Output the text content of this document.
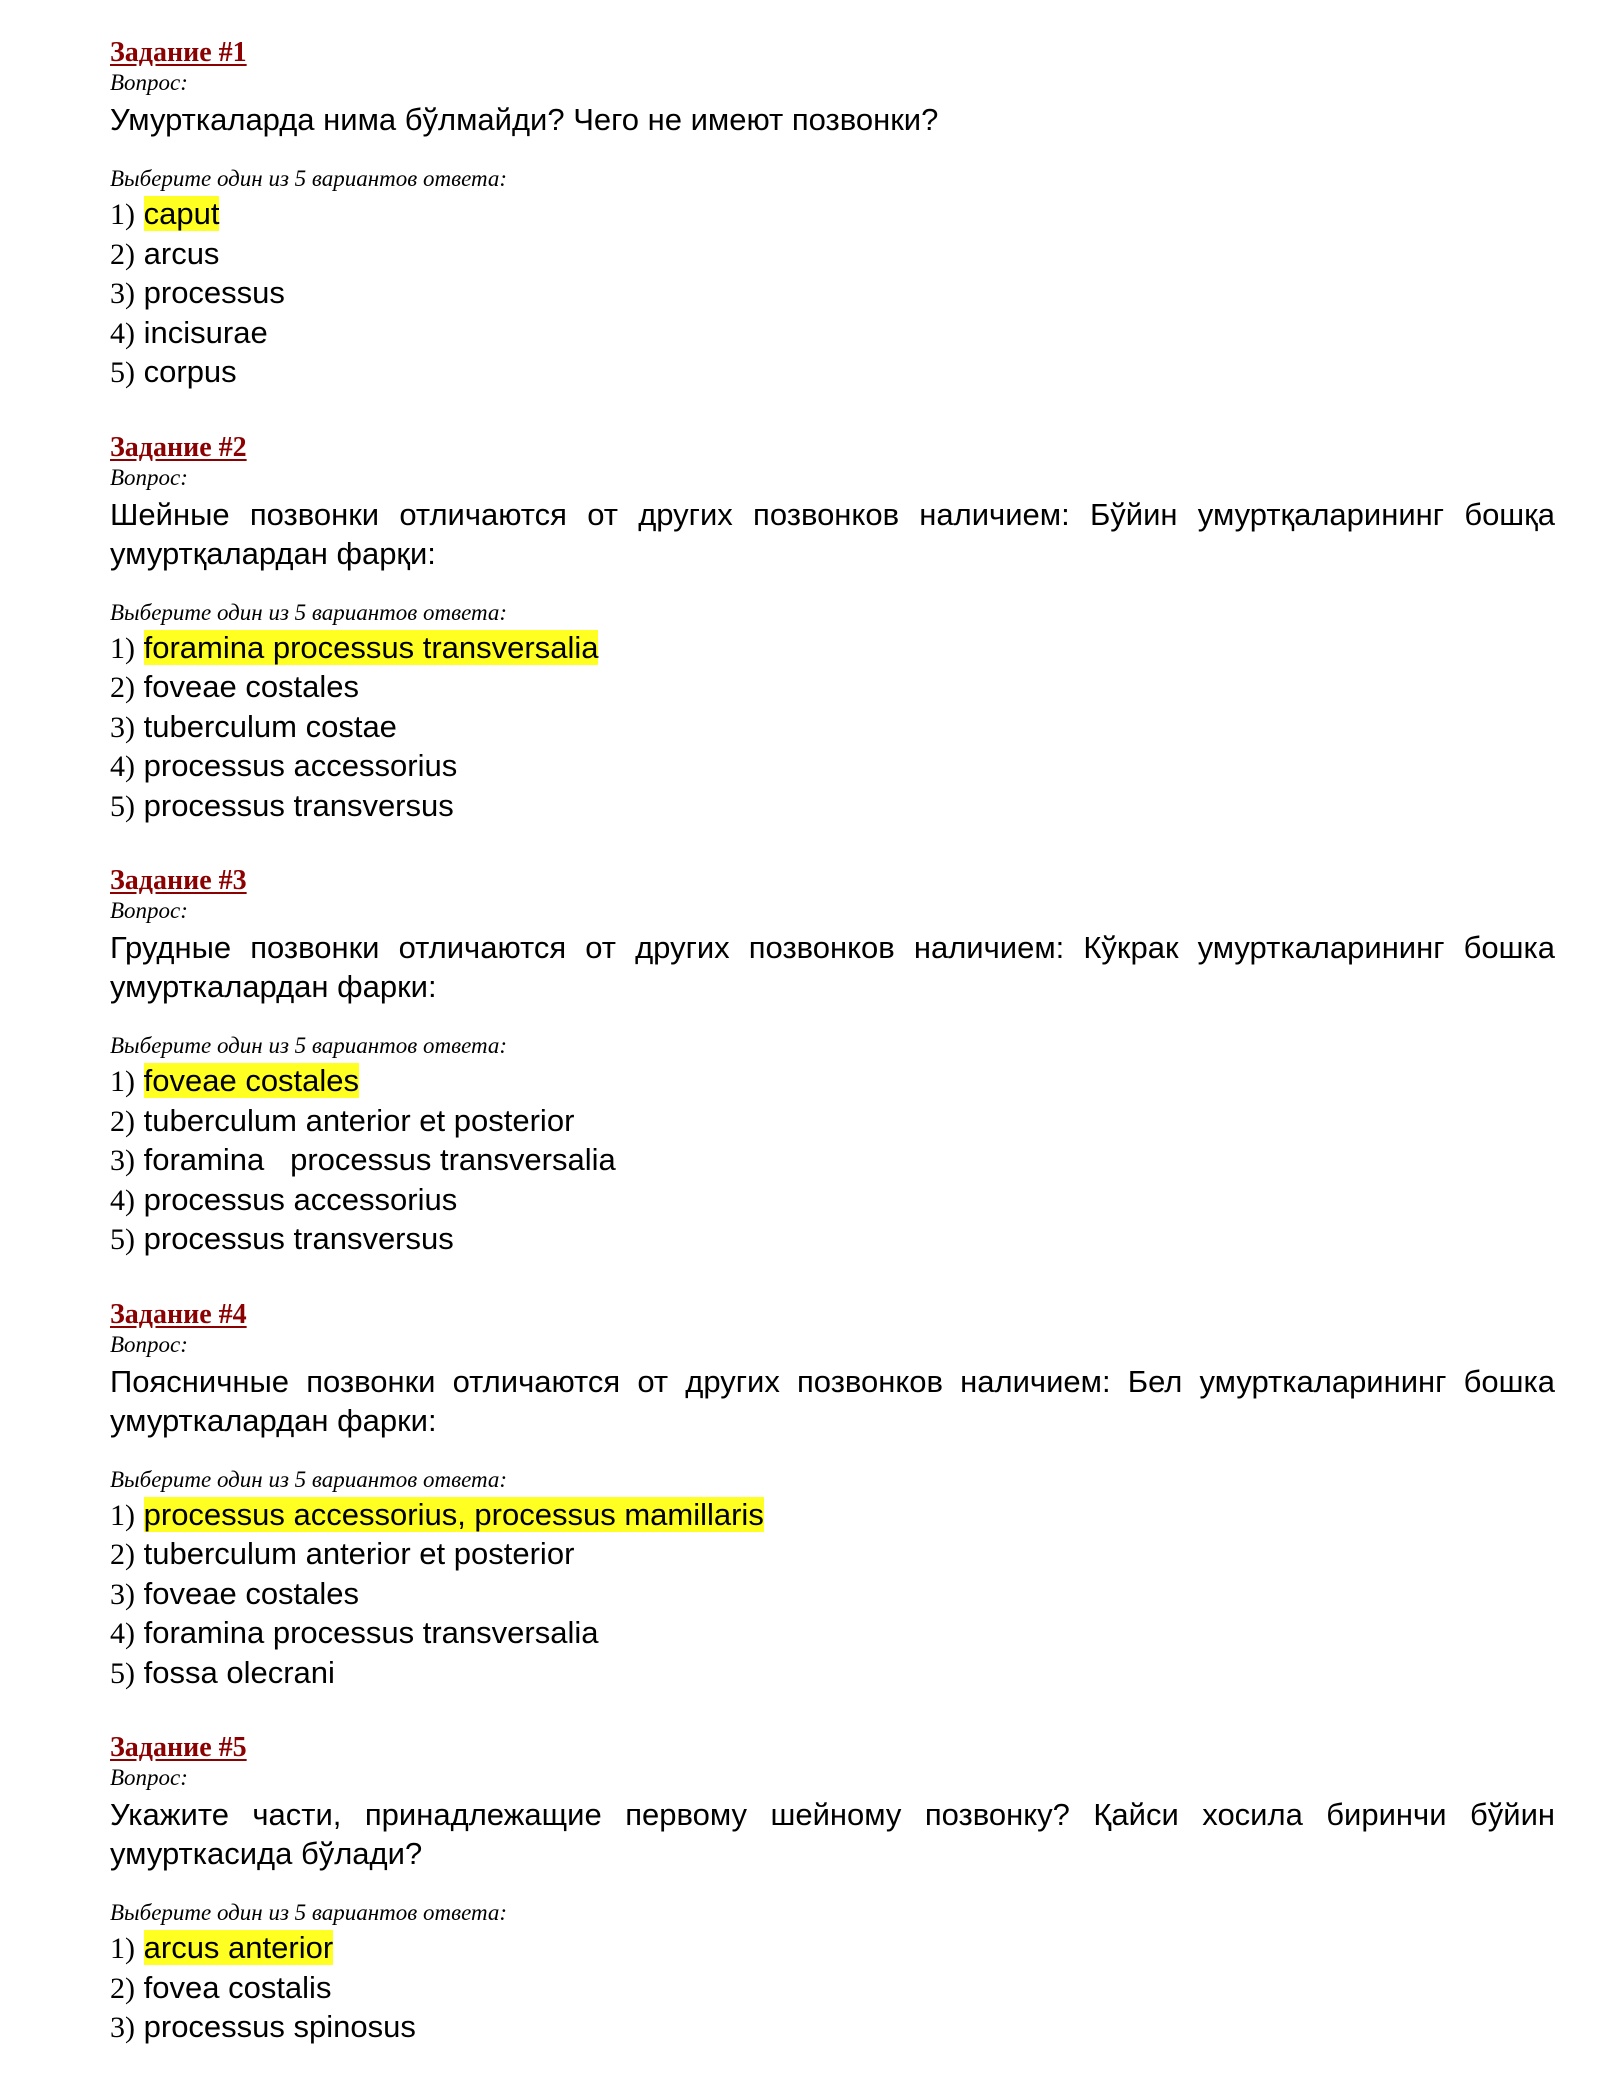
Задание #1
Вопрос:
Умурткаларда нима бўлмайди? Чего не имеют позвонки?
Выберите один из 5 вариантов ответа:
1) caput
2) arcus
3) processus
4) incisurae
5) corpus
Задание #2
Вопрос:
Шейные позвонки отличаются от других позвонков наличием: Бўйин умуртқаларининг бошқа умуртқалардан фарқи:
Выберите один из 5 вариантов ответа:
1) foramina processus transversalia
2) foveae costales
3) tuberculum costae
4) processus accessorius
5) processus transversus
Задание #3
Вопрос:
Грудные позвонки отличаются от других позвонков наличием: Кўкрак умурткаларининг бошка умурткалардан фарки:
Выберите один из 5 вариантов ответа:
1) foveae costales
2) tuberculum anterior et posterior
3) foramina   processus transversalia
4) processus accessorius
5) processus transversus
Задание #4
Вопрос:
Поясничные позвонки отличаются от других позвонков наличием: Бел умурткаларининг бошка умурткалардан фарки:
Выберите один из 5 вариантов ответа:
1) processus accessorius, processus mamillaris
2) tuberculum anterior et posterior
3) foveae costales
4) foramina processus transversalia
5) fossa olecrani
Задание #5
Вопрос:
Укажите части, принадлежащие первому шейному позвонку? Қайси хосила биринчи бўйин умурткасида бўлади?
Выберите один из 5 вариантов ответа:
1) arcus anterior
2) fovea costalis
3) processus spinosus
